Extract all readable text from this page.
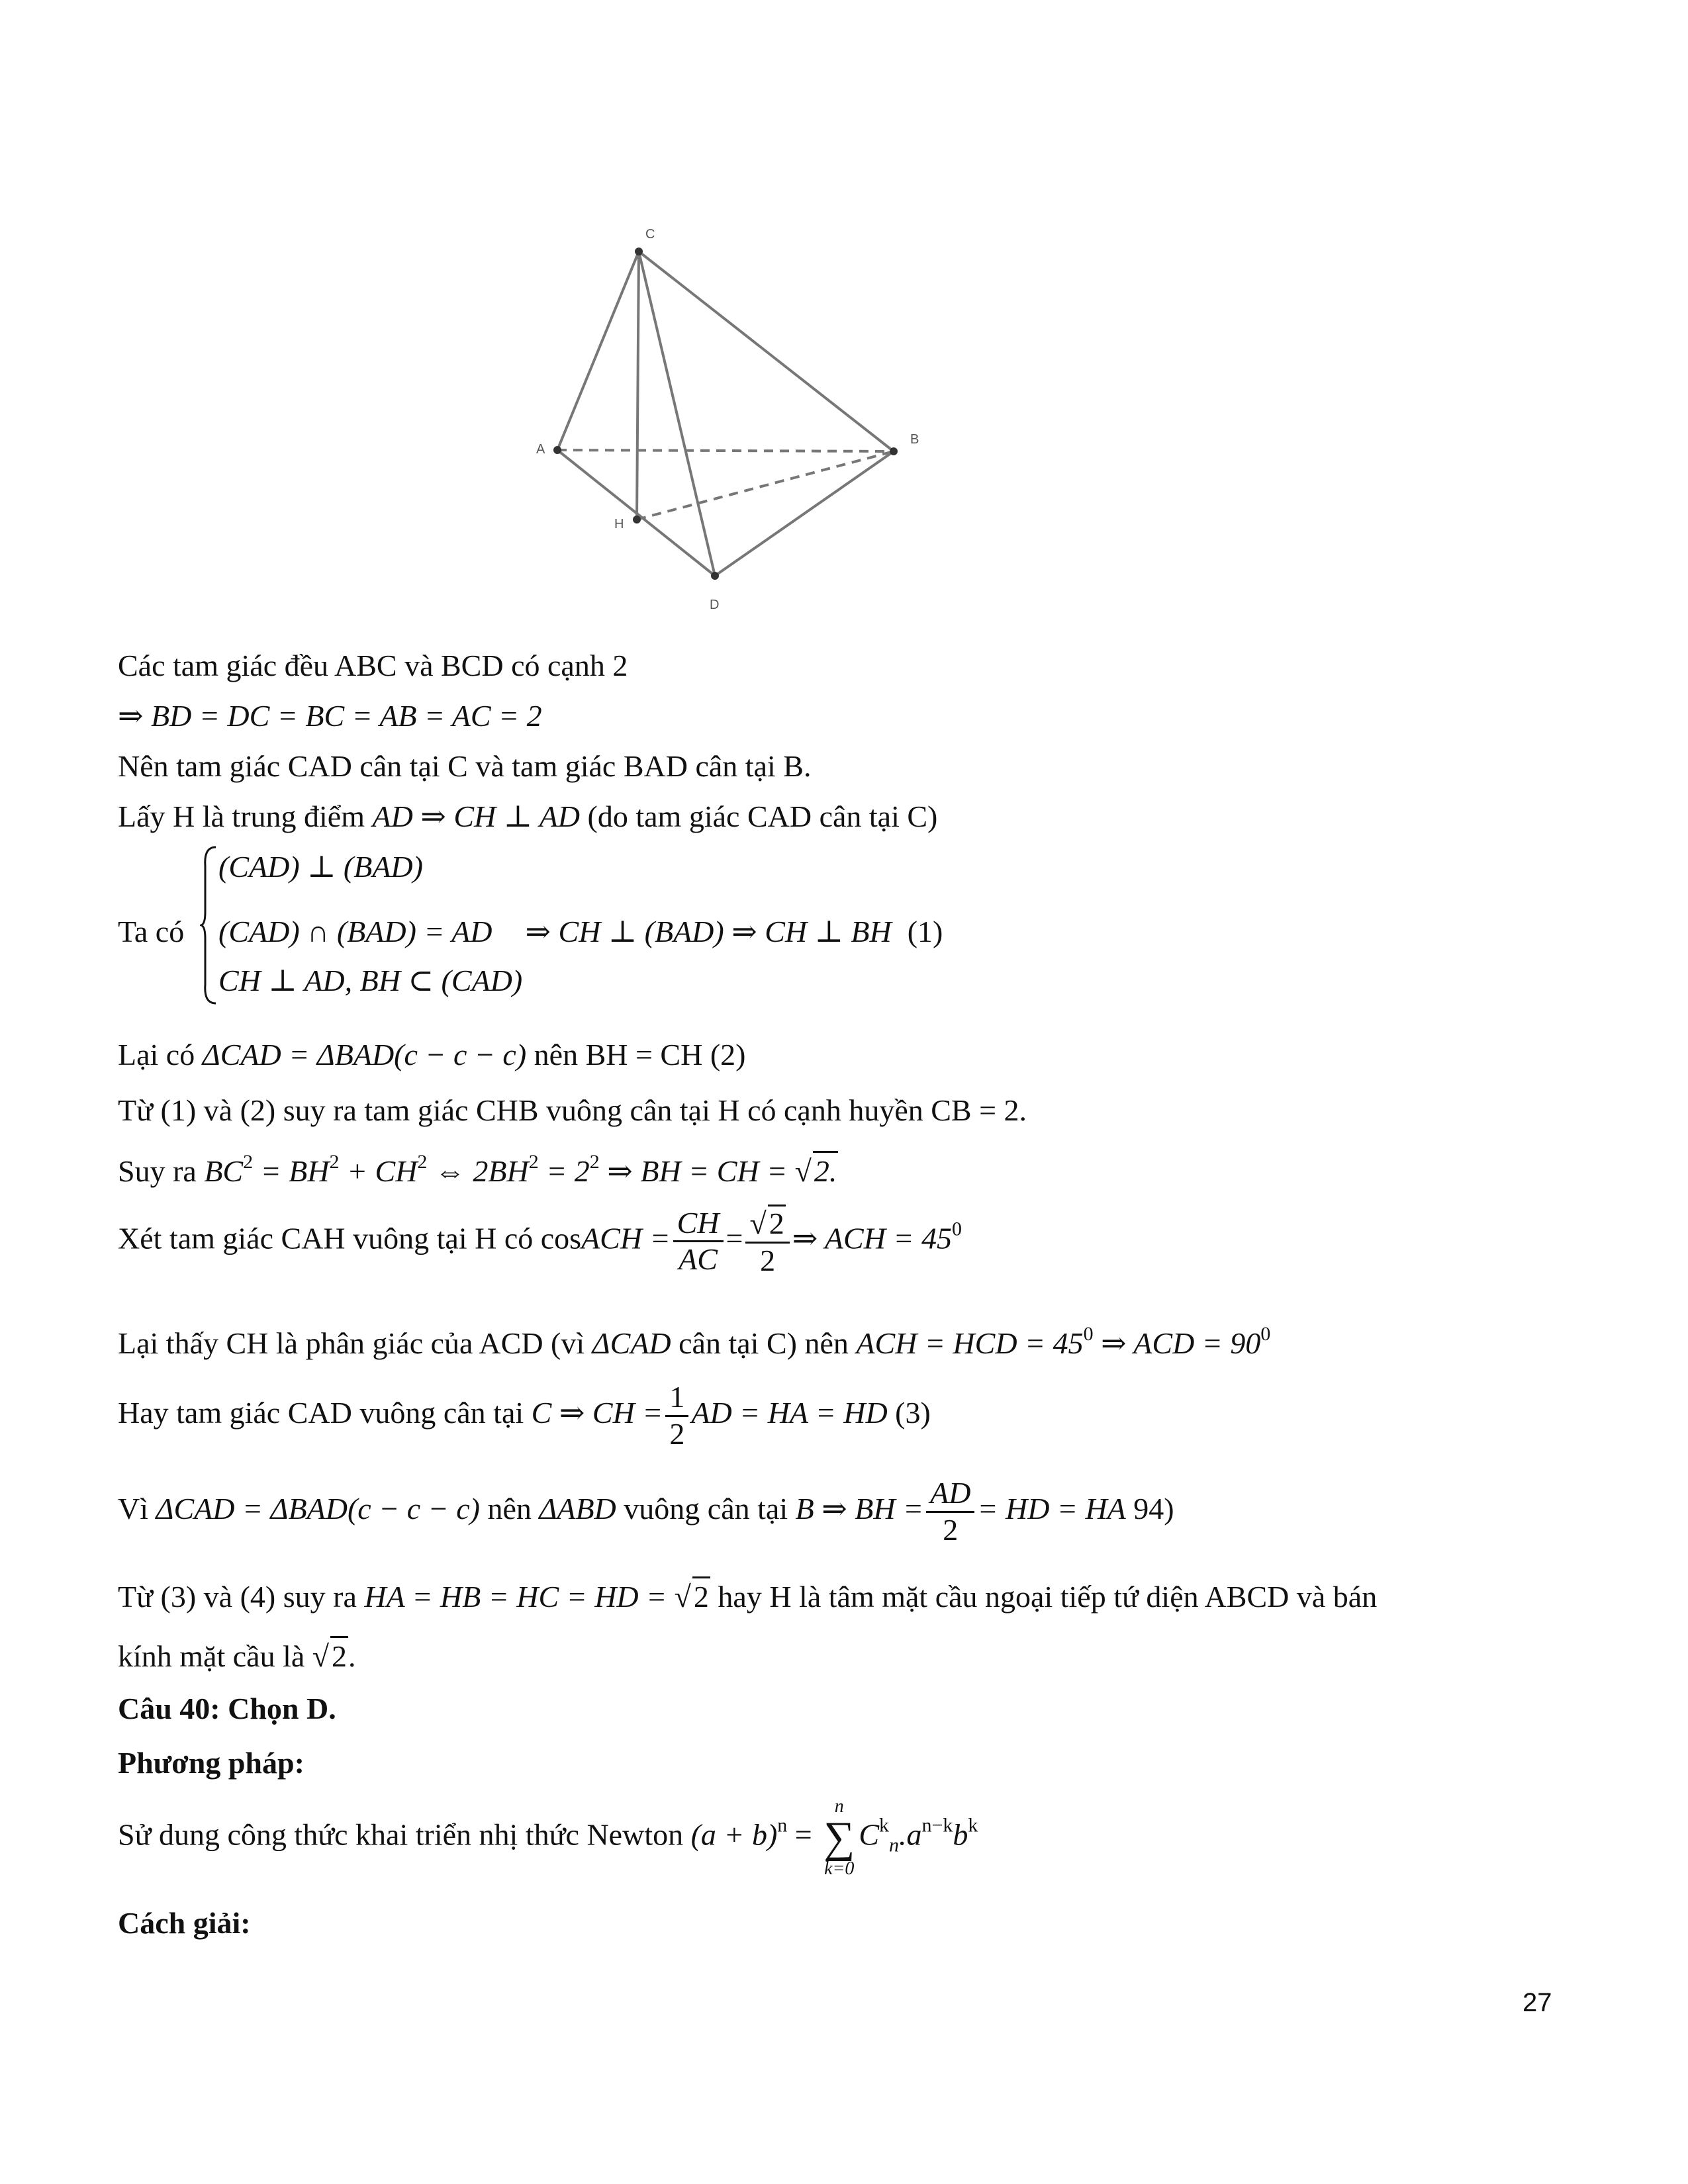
C
A
B
H
D
Các tam giác đều ABC và BCD có cạnh 2
⇒ BD = DC = BC = AB = AC = 2
Nên tam giác CAD cân tại C và tam giác BAD cân tại B.
Lấy H là trung điểm AD ⇒ CH ⊥ AD (do tam giác CAD cân tại C)
Ta có
(CAD) ⊥ (BAD)
(CAD) ∩ (BAD) = AD ⇒ CH ⊥ (BAD) ⇒ CH ⊥ BH (1)
CH ⊥ AD, BH ⊂ (CAD)
Lại có ΔCAD = ΔBAD(c − c − c) nên BH = CH (2)
Từ (1) và (2) suy ra tam giác CHB vuông cân tại H có cạnh huyền CB = 2.
Suy ra $BC^2 = BH^2 + CH^2$ ⇔ $2BH^2 = 2^2$ ⇒ BH = CH = √2.
Xét tam giác CAH vuông tại H có cosACH = $\frac{CH}{AC} = \frac{√2}{2}$ ⇒ ACH = $45^0$
Lại thấy CH là phân giác của ACD (vì ΔCAD cân tại C) nên ACH = HCD = $45^0$ ⇒ ACD = $90^0$
Hay tam giác CAD vuông cân tại C ⇒ CH = $\frac{1}{2}$ AD = HA = HD (3)
Vì ΔCAD = ΔBAD(c − c − c) nên ΔABD vuông cân tại B ⇒ BH = $\frac{AD}{2}$ = HD = HA 94)
Từ (3) và (4) suy ra HA = HB = HC = HD = √2 hay H là tâm mặt cầu ngoại tiếp tứ diện ABCD và bán
kính mặt cầu là √2.
Câu 40: Chọn D.
Phương pháp:
Sử dung công thức khai triển nhị thức Newton $(a + b)^n$ =
n
∑
k=0
$C^k_n.a^{n-k}b^k$
Cách giải:
27
